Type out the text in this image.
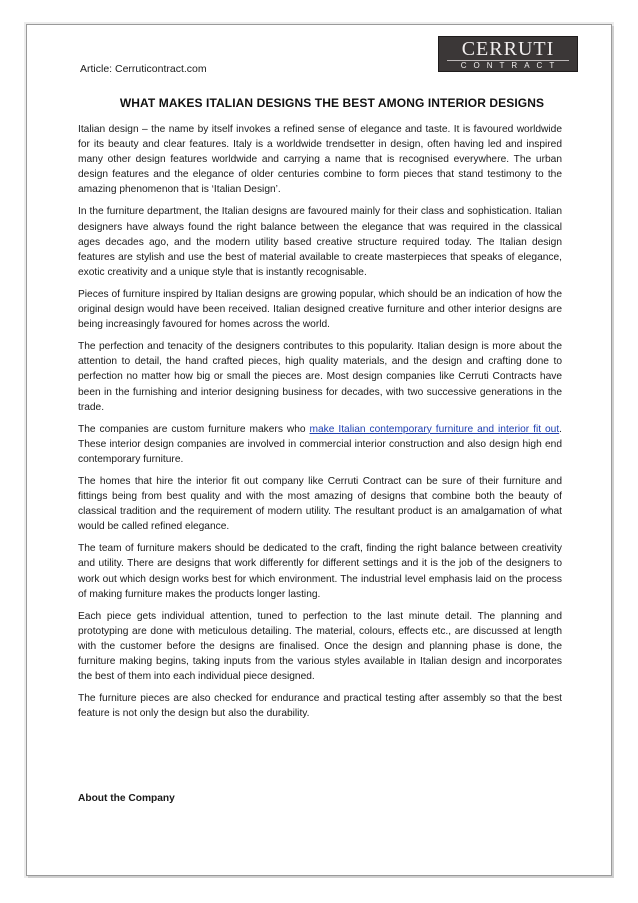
CERRUTI
CONTRACT
Article: Cerruticontract.com
WHAT MAKES ITALIAN DESIGNS THE BEST AMONG INTERIOR DESIGNS

Italian design – the name by itself invokes a refined sense of elegance and taste. It is favoured worldwide for its beauty and clear features. Italy is a worldwide trendsetter in design, often having led and inspired many other design features worldwide and carrying a name that is recognised everywhere. The urban design features and the elegance of older centuries combine to form pieces that stand testimony to the amazing phenomenon that is ‘Italian Design’.

In the furniture department, the Italian designs are favoured mainly for their class and sophistication. Italian designers have always found the right balance between the elegance that was required in the classical ages decades ago, and the modern utility based creative structure required today. The Italian design features are stylish and use the best of material available to create masterpieces that speaks of elegance, exotic creativity and a unique style that is instantly recognisable.

Pieces of furniture inspired by Italian designs are growing popular, which should be an indication of how the original design would have been received. Italian designed creative furniture and other interior designs are being increasingly favoured for homes across the world.

The perfection and tenacity of the designers contributes to this popularity. Italian design is more about the attention to detail, the hand crafted pieces, high quality materials, and the design and crafting done to perfection no matter how big or small the pieces are. Most design companies like Cerruti Contracts have been in the furnishing and interior designing business for decades, with two successive generations in the trade.

The companies are custom furniture makers who make Italian contemporary furniture and interior fit out. These interior design companies are involved in commercial interior construction and also design high end contemporary furniture.

The homes that hire the interior fit out company like Cerruti Contract can be sure of their furniture and fittings being from best quality and with the most amazing of designs that combine both the beauty of classical tradition and the requirement of modern utility. The resultant product is an amalgamation of what would be called refined elegance.

The team of furniture makers should be dedicated to the craft, finding the right balance between creativity and utility. There are designs that work differently for different settings and it is the job of the designers to work out which design works best for which environment. The industrial level emphasis laid on the process of making furniture makes the products longer lasting.

Each piece gets individual attention, tuned to perfection to the last minute detail. The planning and prototyping are done with meticulous detailing. The material, colours, effects etc., are discussed at length with the customer before the designs are finalised. Once the design and planning phase is done, the furniture making begins, taking inputs from the various styles available in Italian design and incorporates the best of them into each individual piece designed.

The furniture pieces are also checked for endurance and practical testing after assembly so that the best feature is not only the design but also the durability.

About the Company
